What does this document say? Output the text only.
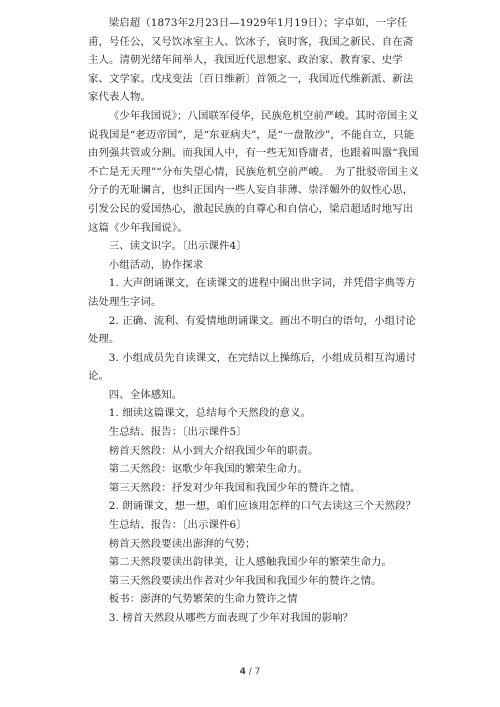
梁启超（1873年2月23日—1929年1月19日）；字卓如，一字任甫，号任公，又号饮冰室主人、饮冰子，哀时客，我国之新民、自在斋主人。清朝光绪年间举人，我国近代思想家、政治家、教育家、史学家、文学家。戊戌变法〔百日维新〕首领之一，我国近代维新派、新法家代表人物。

《少年我国说》；八国联军侵华，民族危机空前严峻。其时帝国主义说我国是“老迈帝国”，是“东亚病夫”，是“一盘散沙”，不能自立，只能由列强共管或分割。而我国人中，有一些无知昏庸者，也跟着叫嚣“我国不亡是无天理”“分布失望心情，民族危机空前严峻。　为了批驳帝国主义分子的无耻谰言，也纠正国内一些人妄自菲薄、崇洋媚外的奴性心思，引发公民的爱国热心，激起民族的自尊心和自信心，梁启超适时地写出这篇《少年我国说》。

三、读文识字。〔出示课件4〕

小组活动，协作探求

1. 大声朗诵课文，在读课文的进程中圈出世字词，并凭借字典等方法处理生字词。

2. 正确、流利、有爱情地朗诵课文。画出不明白的语句，小组讨论处理。

3. 小组成员先自读课文，在完结以上操练后，小组成员相互沟通讨论。

四、全体感知。

1. 细读这篇课文，总结每个天然段的意义。

生总结、报告：〔出示课件5〕

榜首天然段：从小到大介绍我国少年的职责。

第二天然段：讴歌少年我国的繁荣生命力。

第三天然段：抒发对少年我国和我国少年的赞许之情。

2. 朗诵课文，想一想，咱们应该用怎样的口气去读这三个天然段？

生总结、报告：〔出示课件6〕

榜首天然段要读出澎湃的气势；

第二天然段要读出韵律美，让人感触我国少年的繁荣生命力。

第三天然段要读出作者对少年我国和我国少年的赞许之情。

板书：澎湃的气势繁荣的生命力赞许之情

3. 榜首天然段从哪些方面表现了少年对我国的影响？

4 / 7
